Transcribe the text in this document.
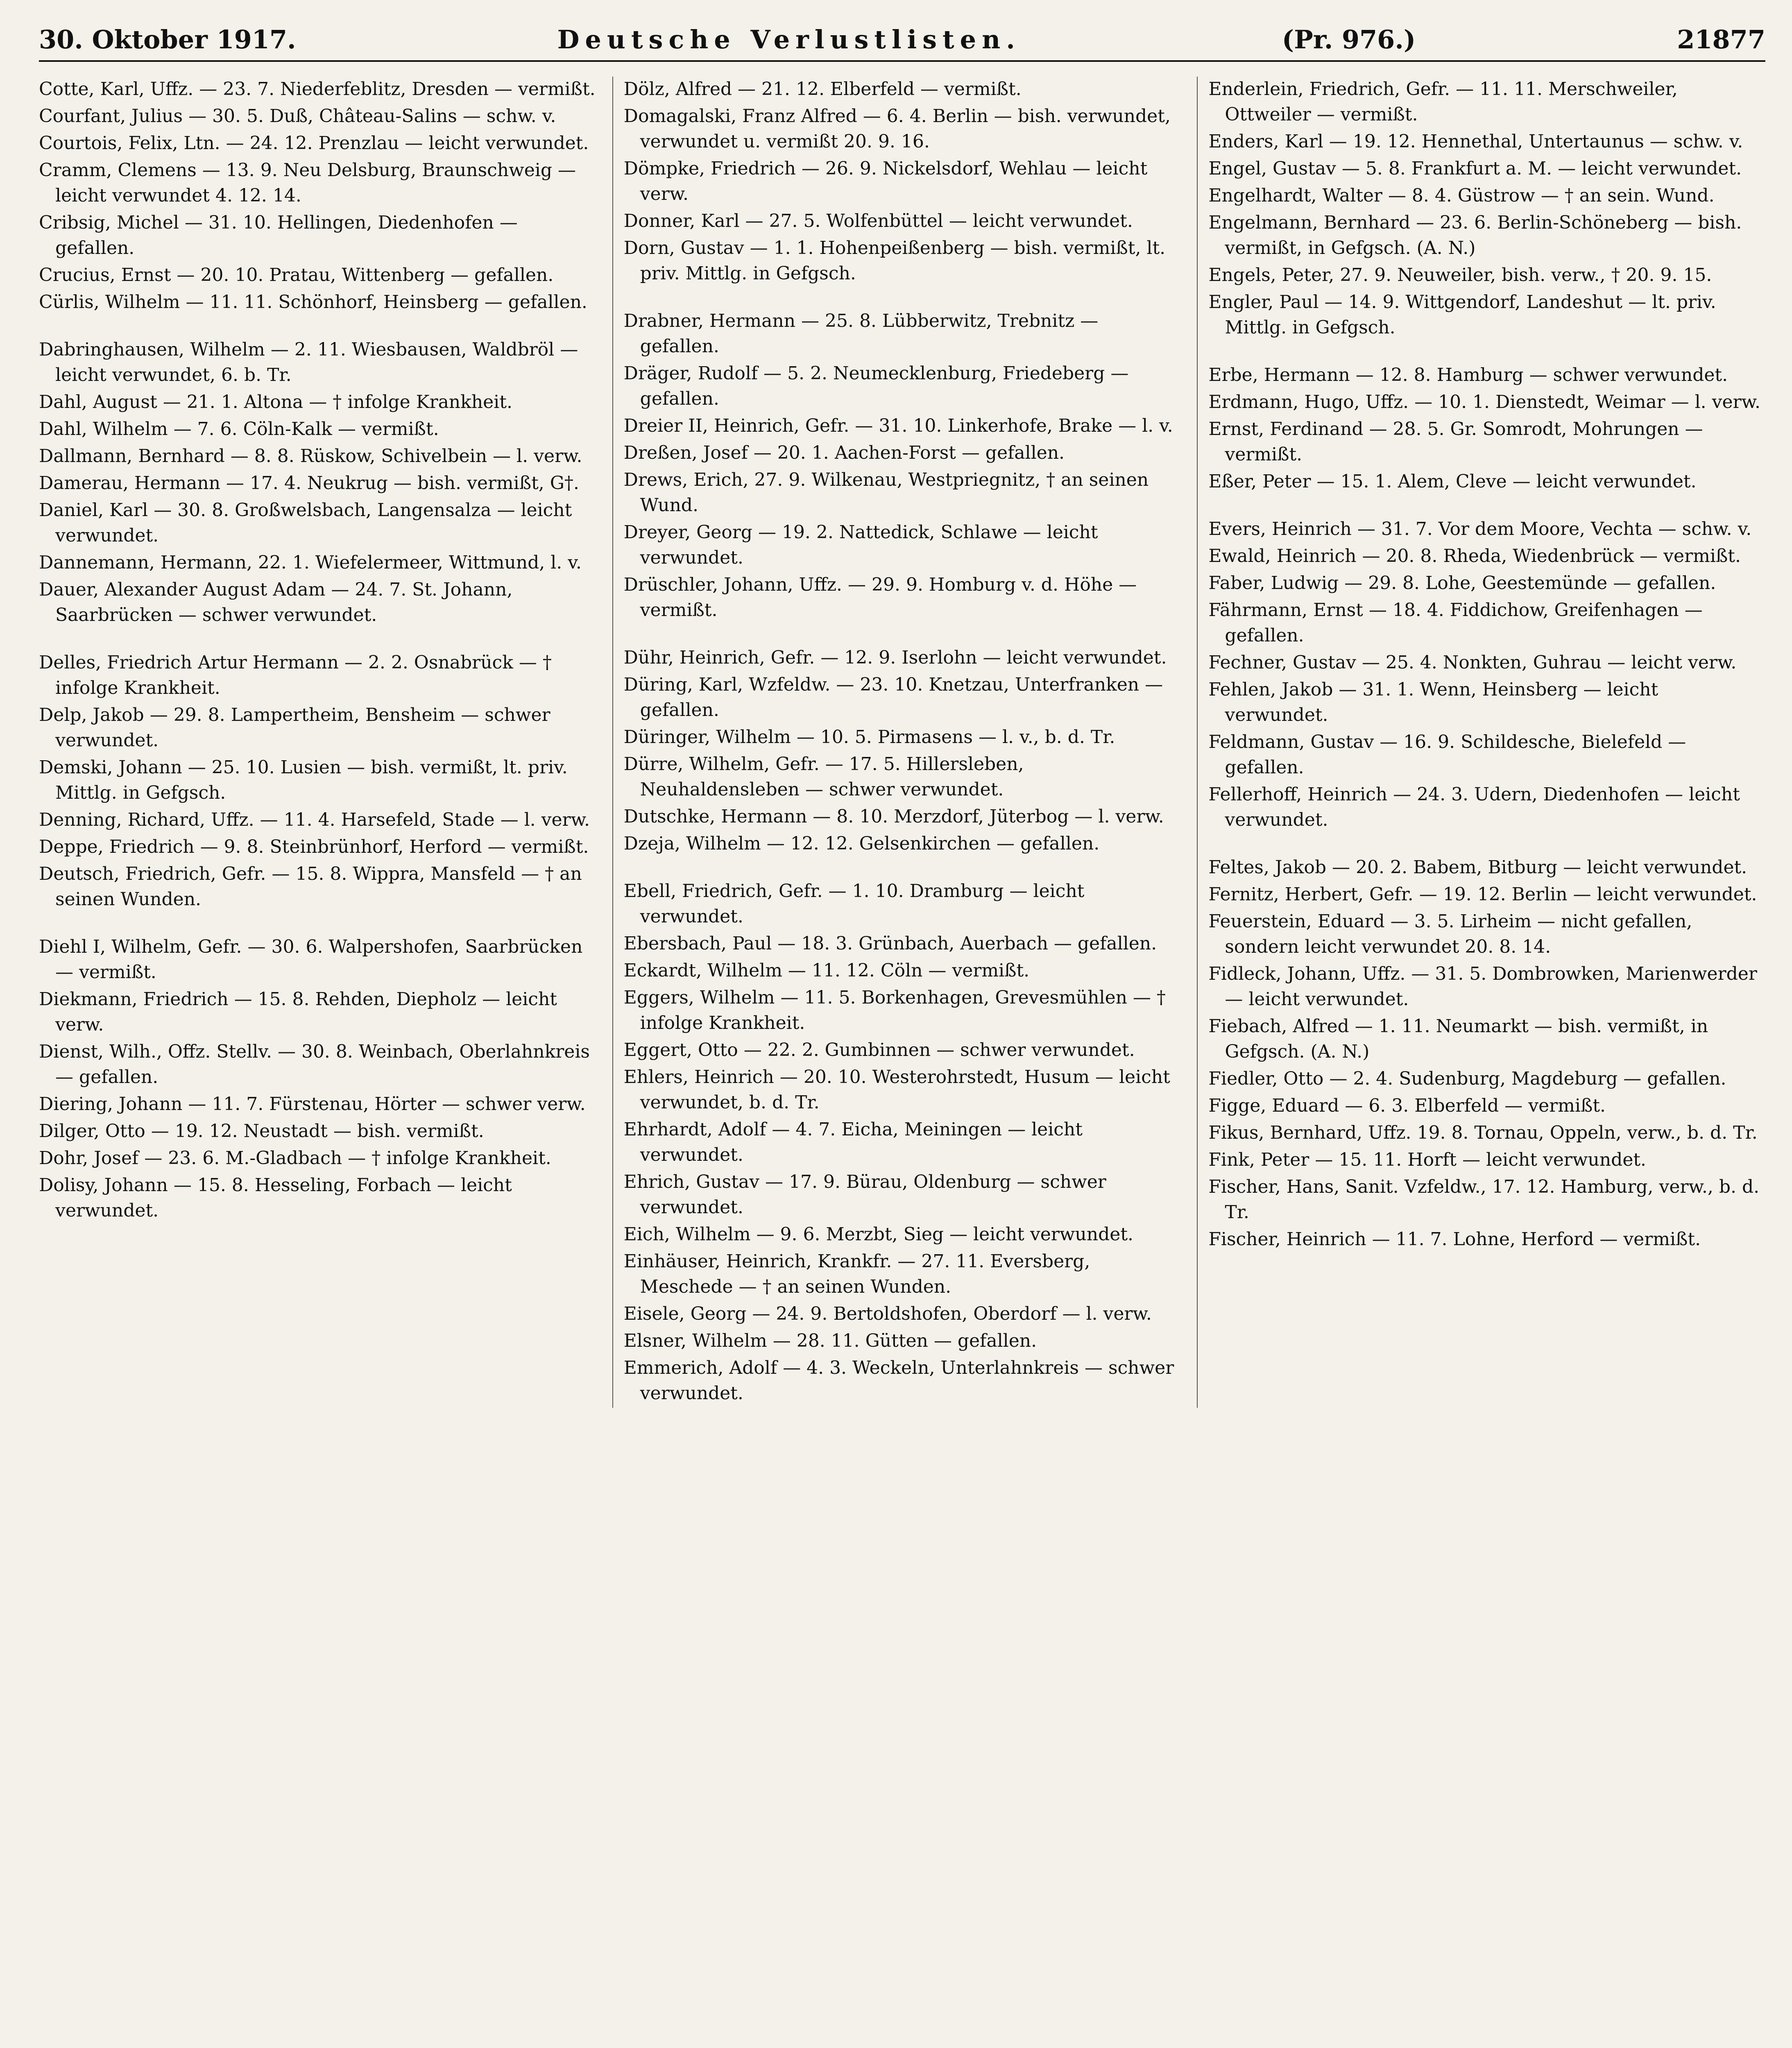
30. Oktober 1917.	Deutsche Verlustlisten.	(Pr. 976.)	21877

Cotte, Karl, Uffz. — 23. 7. Niederfeblitz, Dresden — vermißt.

Courfant, Julius — 30. 5. Duß, Château-Salins — schw. v.

Courtois, Felix, Ltn. — 24. 12. Prenzlau — leicht verwundet.

Cramm, Clemens — 13. 9. Neu Delsburg, Braunschweig — leicht verwundet 4. 12. 14.

Cribsig, Michel — 31. 10. Hellingen, Diedenhofen — gefallen.

Crucius, Ernst — 20. 10. Pratau, Wittenberg — gefallen.

Cürlis, Wilhelm — 11. 11. Schönhorf, Heinsberg — gefallen.

Dabringhausen, Wilhelm — 2. 11. Wiesbausen, Waldbröl — leicht verwundet, 6. b. Tr.

Dahl, August — 21. 1. Altona — † infolge Krankheit.

Dahl, Wilhelm — 7. 6. Cöln-Kalk — vermißt.

Dallmann, Bernhard — 8. 8. Rüskow, Schivelbein — l. verw.

Damerau, Hermann — 17. 4. Neukrug — bish. vermißt, G†.

Daniel, Karl — 30. 8. Großwelsbach, Langensalza — leicht verwundet.

Dannemann, Hermann, 22. 1. Wiefelermeer, Wittmund, l. v.

Dauer, Alexander August Adam — 24. 7. St. Johann, Saarbrücken — schwer verwundet.

Delles, Friedrich Artur Hermann — 2. 2. Osnabrück — † infolge Krankheit.

Delp, Jakob — 29. 8. Lampertheim, Bensheim — schwer verwundet.

Demski, Johann — 25. 10. Lusien — bish. vermißt, lt. priv. Mittlg. in Gefgsch.

Denning, Richard, Uffz. — 11. 4. Harsefeld, Stade — l. verw.

Deppe, Friedrich — 9. 8. Steinbrünhorf, Herford — vermißt.

Deutsch, Friedrich, Gefr. — 15. 8. Wippra, Mansfeld — † an seinen Wunden.

Diehl I, Wilhelm, Gefr. — 30. 6. Walpershofen, Saarbrücken — vermißt.

Diekmann, Friedrich — 15. 8. Rehden, Diepholz — leicht verw.

Dienst, Wilh., Offz. Stellv. — 30. 8. Weinbach, Oberlahnkreis — gefallen.

Diering, Johann — 11. 7. Fürstenau, Hörter — schwer verw.

Dilger, Otto — 19. 12. Neustadt — bish. vermißt.

Dohr, Josef — 23. 6. M.-Gladbach — † infolge Krankheit.

Dolisy, Johann — 15. 8. Hesseling, Forbach — leicht verwundet.

Dölz, Alfred — 21. 12. Elberfeld — vermißt.

Domagalski, Franz Alfred — 6. 4. Berlin — bish. verwundet, verwundet u. vermißt 20. 9. 16.

Dömpke, Friedrich — 26. 9. Nickelsdorf, Wehlau — leicht verw.

Donner, Karl — 27. 5. Wolfenbüttel — leicht verwundet.

Dorn, Gustav — 1. 1. Hohenpeißenberg — bish. vermißt, lt. priv. Mittlg. in Gefgsch.

Drabner, Hermann — 25. 8. Lübberwitz, Trebnitz — gefallen.

Dräger, Rudolf — 5. 2. Neumecklenburg, Friedeberg — gefallen.

Dreier II, Heinrich, Gefr. — 31. 10. Linkerhofe, Brake — l. v.

Dreßen, Josef — 20. 1. Aachen-Forst — gefallen.

Drews, Erich, 27. 9. Wilkenau, Westpriegnitz, † an seinen Wund.

Dreyer, Georg — 19. 2. Nattedick, Schlawe — leicht verwundet.

Drüschler, Johann, Uffz. — 29. 9. Homburg v. d. Höhe — vermißt.

Dühr, Heinrich, Gefr. — 12. 9. Iserlohn — leicht verwundet.

Düring, Karl, Wzfeldw. — 23. 10. Knetzau, Unterfranken — gefallen.

Düringer, Wilhelm — 10. 5. Pirmasens — l. v., b. d. Tr.

Dürre, Wilhelm, Gefr. — 17. 5. Hillersleben, Neuhaldensleben — schwer verwundet.

Dutschke, Hermann — 8. 10. Merzdorf, Jüterbog — l. verw.

Dzeja, Wilhelm — 12. 12. Gelsenkirchen — gefallen.

Ebell, Friedrich, Gefr. — 1. 10. Dramburg — leicht verwundet.

Ebersbach, Paul — 18. 3. Grünbach, Auerbach — gefallen.

Eckardt, Wilhelm — 11. 12. Cöln — vermißt.

Eggers, Wilhelm — 11. 5. Borkenhagen, Grevesmühlen — † infolge Krankheit.

Eggert, Otto — 22. 2. Gumbinnen — schwer verwundet.

Ehlers, Heinrich — 20. 10. Westerohrstedt, Husum — leicht verwundet, b. d. Tr.

Ehrhardt, Adolf — 4. 7. Eicha, Meiningen — leicht verwundet.

Ehrich, Gustav — 17. 9. Bürau, Oldenburg — schwer verwundet.

Eich, Wilhelm — 9. 6. Merzbt, Sieg — leicht verwundet.

Einhäuser, Heinrich, Krankfr. — 27. 11. Eversberg, Meschede — † an seinen Wunden.

Eisele, Georg — 24. 9. Bertoldshofen, Oberdorf — l. verw.

Elsner, Wilhelm — 28. 11. Gütten — gefallen.

Emmerich, Adolf — 4. 3. Weckeln, Unterlahnkreis — schwer verwundet.

Enderlein, Friedrich, Gefr. — 11. 11. Merschweiler, Ottweiler — vermißt.

Enders, Karl — 19. 12. Hennethal, Untertaunus — schw. v.

Engel, Gustav — 5. 8. Frankfurt a. M. — leicht verwundet.

Engelhardt, Walter — 8. 4. Güstrow — † an sein. Wund.

Engelmann, Bernhard — 23. 6. Berlin-Schöneberg — bish. vermißt, in Gefgsch. (A. N.)

Engels, Peter, 27. 9. Neuweiler, bish. verw., † 20. 9. 15.

Engler, Paul — 14. 9. Wittgendorf, Landeshut — lt. priv. Mittlg. in Gefgsch.

Erbe, Hermann — 12. 8. Hamburg — schwer verwundet.

Erdmann, Hugo, Uffz. — 10. 1. Dienstedt, Weimar — l. verw.

Ernst, Ferdinand — 28. 5. Gr. Somrodt, Mohrungen — vermißt.

Eßer, Peter — 15. 1. Alem, Cleve — leicht verwundet.

Evers, Heinrich — 31. 7. Vor dem Moore, Vechta — schw. v.

Ewald, Heinrich — 20. 8. Rheda, Wiedenbrück — vermißt.

Faber, Ludwig — 29. 8. Lohe, Geestemünde — gefallen.

Fährmann, Ernst — 18. 4. Fiddichow, Greifenhagen — gefallen.

Fechner, Gustav — 25. 4. Nonkten, Guhrau — leicht verw.

Fehlen, Jakob — 31. 1. Wenn, Heinsberg — leicht verwundet.

Feldmann, Gustav — 16. 9. Schildesche, Bielefeld — gefallen.

Fellerhoff, Heinrich — 24. 3. Udern, Diedenhofen — leicht verwundet.

Feltes, Jakob — 20. 2. Babem, Bitburg — leicht verwundet.

Fernitz, Herbert, Gefr. — 19. 12. Berlin — leicht verwundet.

Feuerstein, Eduard — 3. 5. Lirheim — nicht gefallen, sondern leicht verwundet 20. 8. 14.

Fidleck, Johann, Uffz. — 31. 5. Dombrowken, Marienwerder — leicht verwundet.

Fiebach, Alfred — 1. 11. Neumarkt — bish. vermißt, in Gefgsch. (A. N.)

Fiedler, Otto — 2. 4. Sudenburg, Magdeburg — gefallen.

Figge, Eduard — 6. 3. Elberfeld — vermißt.

Fikus, Bernhard, Uffz. 19. 8. Tornau, Oppeln, verw., b. d. Tr.

Fink, Peter — 15. 11. Horft — leicht verwundet.

Fischer, Hans, Sanit. Vzfeldw., 17. 12. Hamburg, verw., b. d. Tr.

Fischer, Heinrich — 11. 7. Lohne, Herford — vermißt.
